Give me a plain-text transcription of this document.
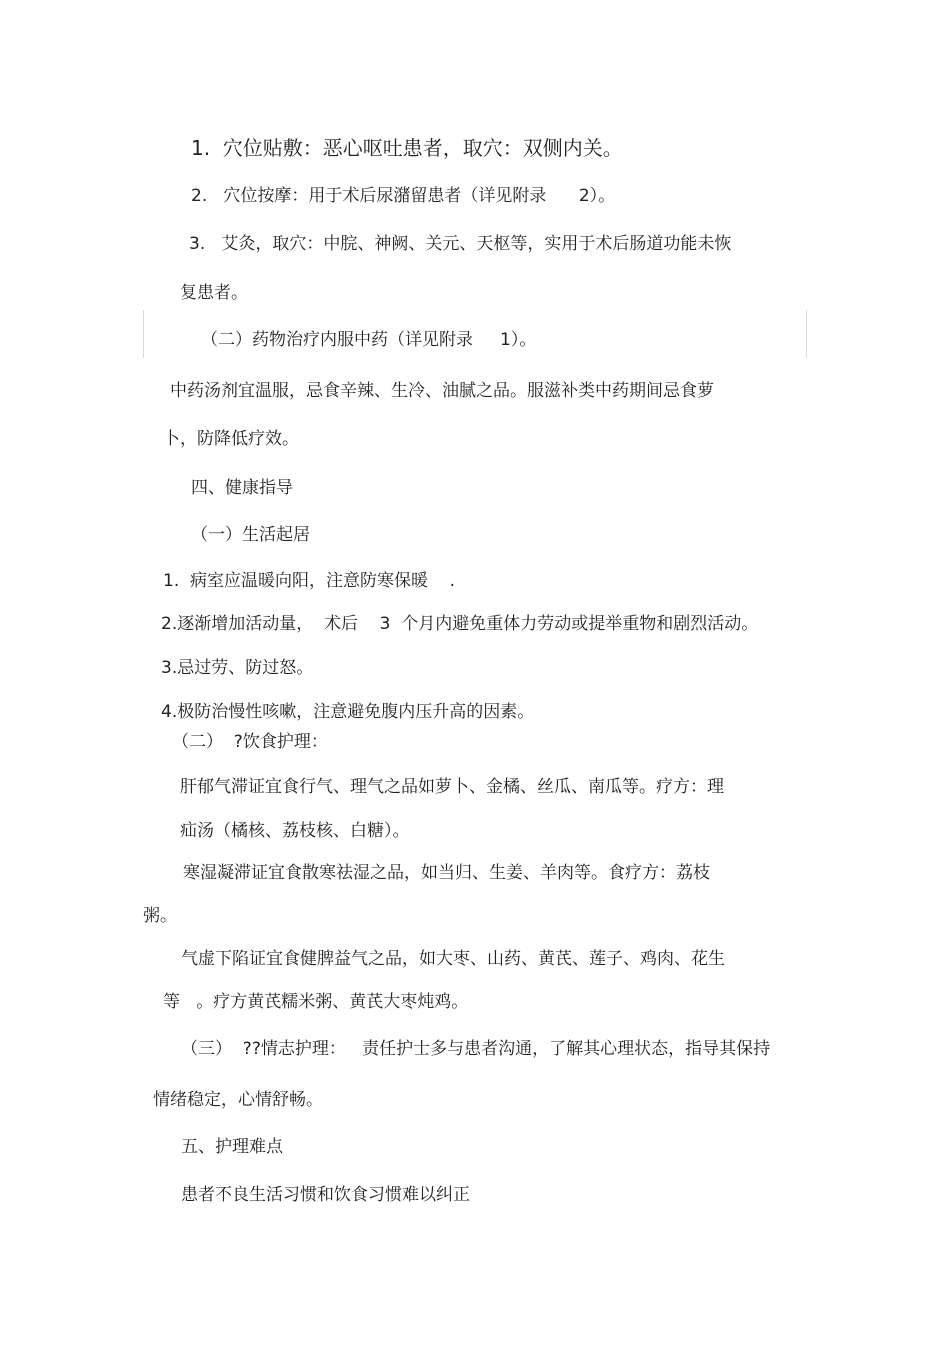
1.  穴位贴敷：恶心呕吐患者，取穴：双侧内关。
2.   穴位按摩：用于术后尿潴留患者（详见附录      2）。
3.   艾灸，取穴：中脘、神阙、关元、天枢等，实用于术后肠道功能未恢
复患者。
（二）药物治疗内服中药（详见附录     1）。
中药汤剂宜温服，忌食辛辣、生冷、油腻之品。服滋补类中药期间忌食萝
卜，防降低疗效。
四、健康指导
（一）生活起居
1.  病室应温暖向阳，注意防寒保暖    .
2.逐渐增加活动量，  术后    3  个月内避免重体力劳动或提举重物和剧烈活动。
3.忌过劳、防过怒。
4.极防治慢性咳嗽，注意避免腹内压升高的因素。
（二）  ?饮食护理：
肝郁气滞证宜食行气、理气之品如萝卜、金橘、丝瓜、南瓜等。疗方：理
疝汤（橘核、荔枝核、白糖）。
寒湿凝滞证宜食散寒祛湿之品，如当归、生姜、羊肉等。食疗方：荔枝
粥。
气虚下陷证宜食健脾益气之品，如大枣、山药、黄芪、莲子、鸡肉、花生
等   。疗方黄芪糯米粥、黄芪大枣炖鸡。
（三）  ??情志护理：   责任护士多与患者沟通，了解其心理状态，指导其保持
情绪稳定，心情舒畅。
五、护理难点
患者不良生活习惯和饮食习惯难以纠正
